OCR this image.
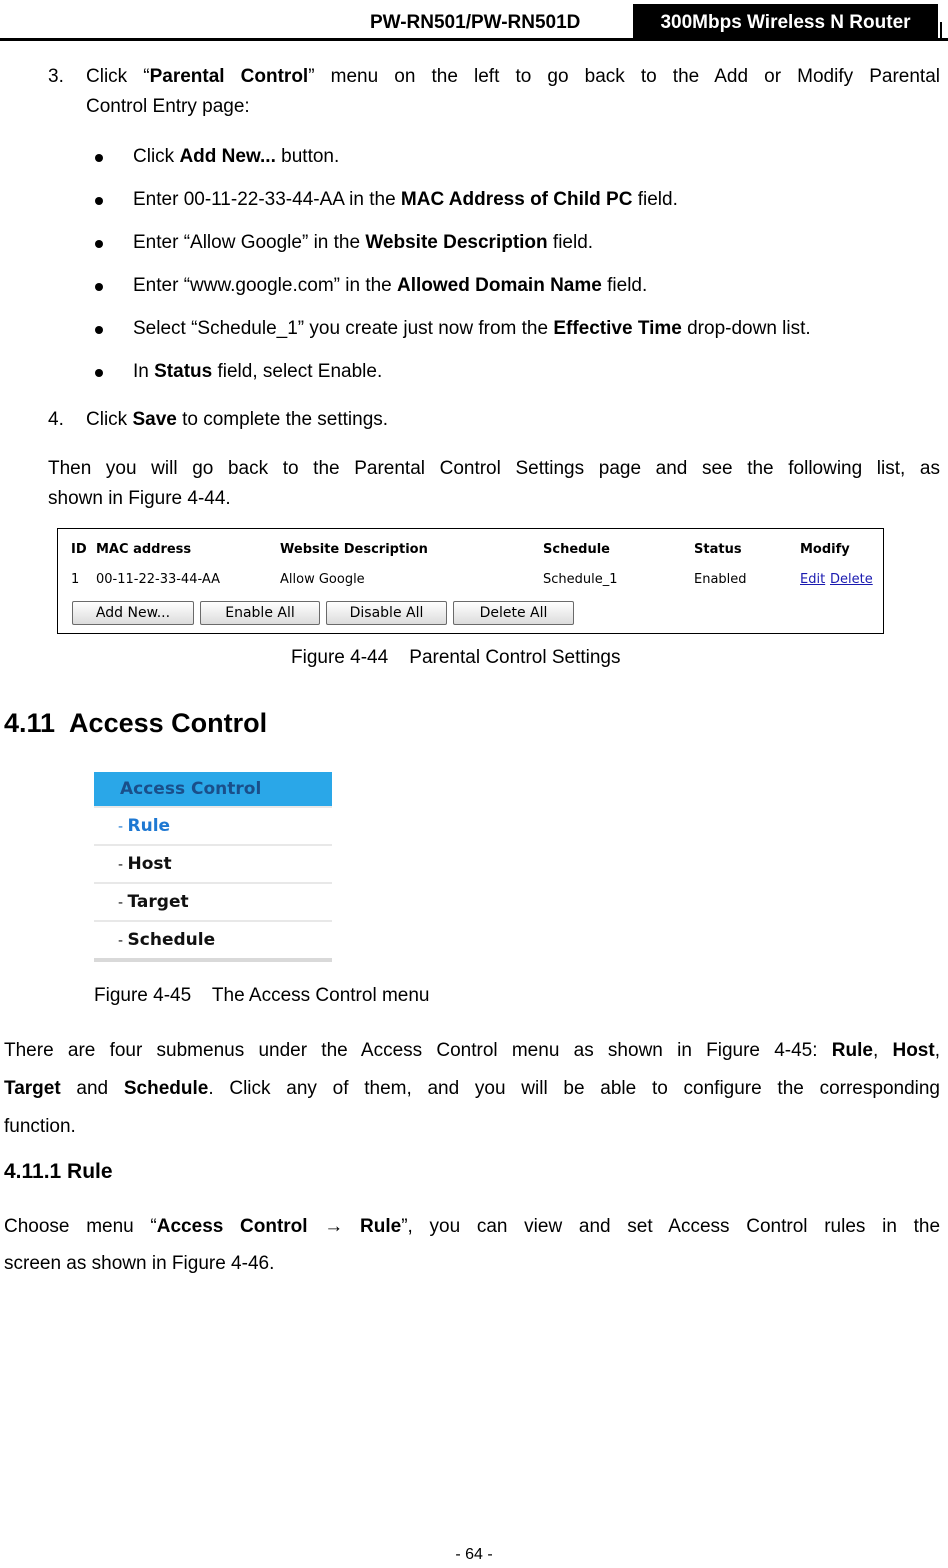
PW-RN501/PW-RN501D	300Mbps Wireless N Router
3. Click “Parental Control” menu on the left to go back to the Add or Modify Parental
Control Entry page:
Click Add New... button.
Enter 00-11-22-33-44-AA in the MAC Address of Child PC field.
Enter “Allow Google” in the Website Description field.
Enter “www.google.com” in the Allowed Domain Name field.
Select “Schedule_1” you create just now from the Effective Time drop-down list.
In Status field, select Enable.
4. Click Save to complete the settings.
Then you will go back to the Parental Control Settings page and see the following list, as
shown in Figure 4-44.
ID MAC address	Website Description	Schedule	Status	Modify
1 00-11-22-33-44-AA	Allow Google	Schedule_1	Enabled	Edit Delete
Add New...	Enable All	Disable All	Delete All
Figure 4-44    Parental Control Settings
4.11  Access Control
Access Control
- Rule
- Host
- Target
- Schedule
Figure 4-45    The Access Control menu
There are four submenus under the Access Control menu as shown in Figure 4-45: Rule, Host,
Target and Schedule. Click any of them, and you will be able to configure the corresponding
function.
4.11.1 Rule
Choose menu “Access Control → Rule”, you can view and set Access Control rules in the
screen as shown in Figure 4-46.
- 64 -
